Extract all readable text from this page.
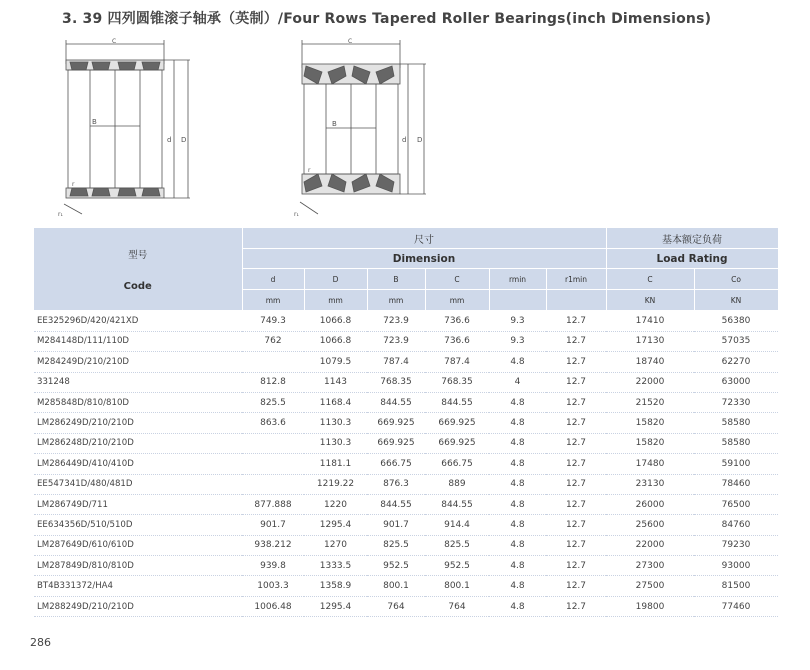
3. 39 四列圆锥滚子轴承（英制）/Four Rows Tapered Roller Bearings(inch Dimensions)
B
C
d D
r
r₁
B
C
d D
r
r₁
型号
Code	尺寸						基本额定负荷	

	Dimension						Load Rating	
	d	D	B	C	rmin	r1min	C	Co
	mm	mm	mm	mm			KN	KN
EE325296D/420/421XD	749.3	1066.8	723.9	736.6	9.3	12.7	17410	56380
M284148D/111/110D	762	1066.8	723.9	736.6	9.3	12.7	17130	57035
M284249D/210/210D		1079.5	787.4	787.4	4.8	12.7	18740	62270
331248	812.8	1143	768.35	768.35	4	12.7	22000	63000
M285848D/810/810D	825.5	1168.4	844.55	844.55	4.8	12.7	21520	72330
LM286249D/210/210D	863.6	1130.3	669.925	669.925	4.8	12.7	15820	58580
LM286248D/210/210D		1130.3	669.925	669.925	4.8	12.7	15820	58580
LM286449D/410/410D		1181.1	666.75	666.75	4.8	12.7	17480	59100
EE547341D/480/481D		1219.22	876.3	889	4.8	12.7	23130	78460
LM286749D/711	877.888	1220	844.55	844.55	4.8	12.7	26000	76500
EE634356D/510/510D	901.7	1295.4	901.7	914.4	4.8	12.7	25600	84760
LM287649D/610/610D	938.212	1270	825.5	825.5	4.8	12.7	22000	79230
LM287849D/810/810D	939.8	1333.5	952.5	952.5	4.8	12.7	27300	93000
BT4B331372/HA4	1003.3	1358.9	800.1	800.1	4.8	12.7	27500	81500
LM288249D/210/210D	1006.48	1295.4	764	764	4.8	12.7	19800	77460
286
